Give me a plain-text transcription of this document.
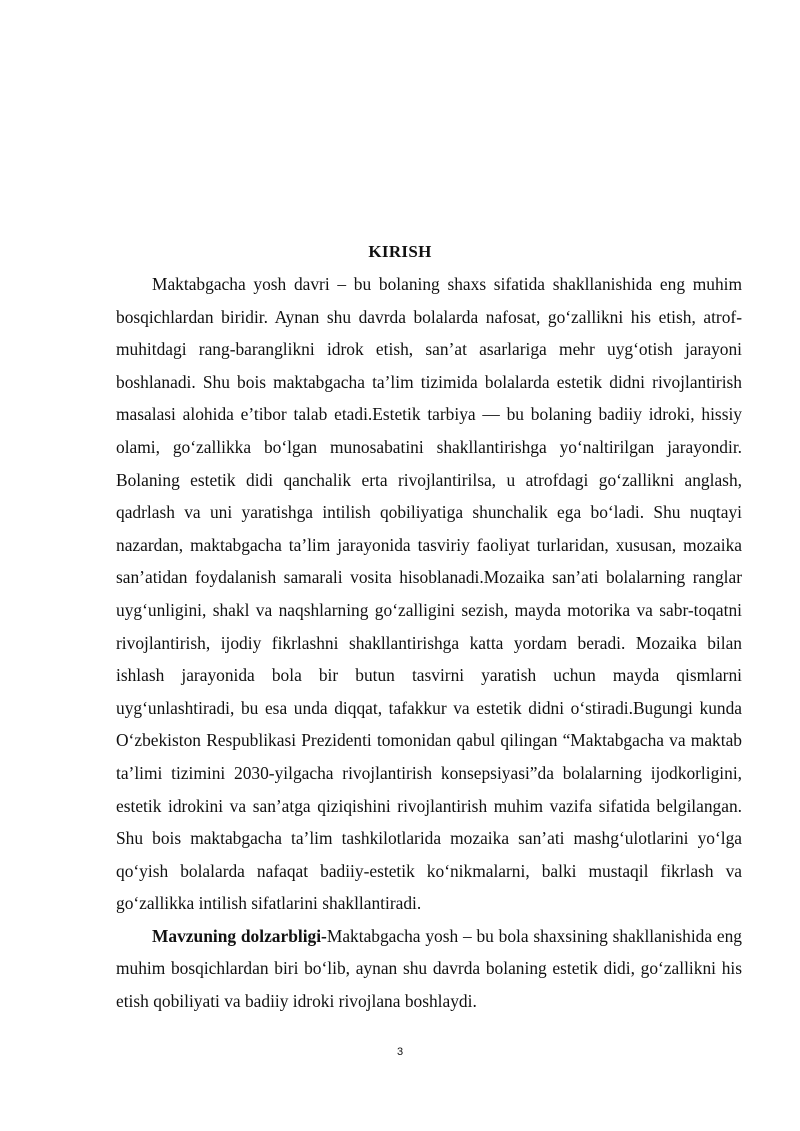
KIRISH

Maktabgacha yosh davri – bu bolaning shaxs sifatida shakllanishida eng muhim bosqichlardan biridir. Aynan shu davrda bolalarda nafosat, go‘zallikni his etish, atrof-muhitdagi rang-baranglikni idrok etish, san’at asarlariga mehr uyg‘otish jarayoni boshlanadi. Shu bois maktabgacha ta’lim tizimida bolalarda estetik didni rivojlantirish masalasi alohida e’tibor talab etadi.Estetik tarbiya — bu bolaning badiiy idroki, hissiy olami, go‘zallikka bo‘lgan munosabatini shakllantirishga yo‘naltirilgan jarayondir. Bolaning estetik didi qanchalik erta rivojlantirilsa, u atrofdagi go‘zallikni anglash, qadrlash va uni yaratishga intilish qobiliyatiga shunchalik ega bo‘ladi. Shu nuqtayi nazardan, maktabgacha ta’lim jarayonida tasviriy faoliyat turlaridan, xususan, mozaika san’atidan foydalanish samarali vosita hisoblanadi.Mozaika san’ati bolalarning ranglar uyg‘unligini, shakl va naqshlarning go‘zalligini sezish, mayda motorika va sabr-toqatni rivojlantirish, ijodiy fikrlashni shakllantirishga katta yordam beradi. Mozaika bilan ishlash jarayonida bola bir butun tasvirni yaratish uchun mayda qismlarni uyg‘unlashtiradi, bu esa unda diqqat, tafakkur va estetik didni o‘stiradi.Bugungi kunda O‘zbekiston Respublikasi Prezidenti tomonidan qabul qilingan “Maktabgacha va maktab ta’limi tizimini 2030-yilgacha rivojlantirish konsepsiyasi”da bolalarning ijodkorligini, estetik idrokini va san’atga qiziqishini rivojlantirish muhim vazifa sifatida belgilangan. Shu bois maktabgacha ta’lim tashkilotlarida mozaika san’ati mashg‘ulotlarini yo‘lga qo‘yish bolalarda nafaqat badiiy-estetik ko‘nikmalarni, balki mustaqil fikrlash va go‘zallikka intilish sifatlarini shakllantiradi.

Mavzuning dolzarbligi-Maktabgacha yosh – bu bola shaxsining shakllanishida eng muhim bosqichlardan biri bo‘lib, aynan shu davrda bolaning estetik didi, go‘zallikni his etish qobiliyati va badiiy idroki rivojlana boshlaydi.

3
